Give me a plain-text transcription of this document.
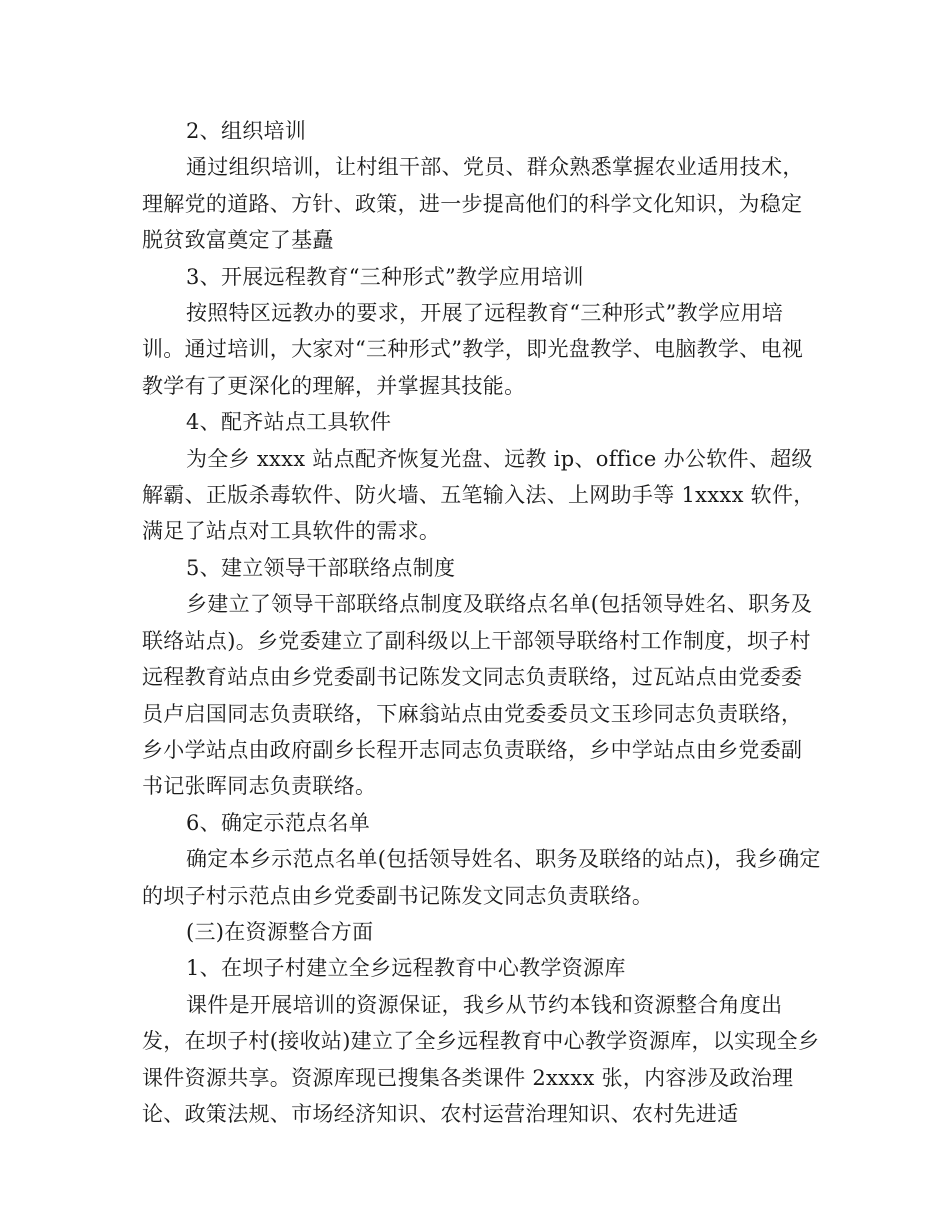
2、组织培训

通过组织培训，让村组干部、党员、群众熟悉掌握农业适用技术，理解党的道路、方针、政策，进一步提高他们的科学文化知识，为稳定脱贫致富奠定了基矗

3、开展远程教育“三种形式”教学应用培训

按照特区远教办的要求，开展了远程教育“三种形式”教学应用培训。通过培训，大家对“三种形式”教学，即光盘教学、电脑教学、电视教学有了更深化的理解，并掌握其技能。

4、配齐站点工具软件

为全乡 xxxx 站点配齐恢复光盘、远教 ip、office 办公软件、超级解霸、正版杀毒软件、防火墙、五笔输入法、上网助手等 1xxxx 软件，满足了站点对工具软件的需求。

5、建立领导干部联络点制度

乡建立了领导干部联络点制度及联络点名单(包括领导姓名、职务及联络站点)。乡党委建立了副科级以上干部领导联络村工作制度，坝子村远程教育站点由乡党委副书记陈发文同志负责联络，过瓦站点由党委委员卢启国同志负责联络，下麻翁站点由党委委员文玉珍同志负责联络，乡小学站点由政府副乡长程开志同志负责联络，乡中学站点由乡党委副书记张晖同志负责联络。

6、确定示范点名单

确定本乡示范点名单(包括领导姓名、职务及联络的站点)，我乡确定的坝子村示范点由乡党委副书记陈发文同志负责联络。

(三)在资源整合方面

1、在坝子村建立全乡远程教育中心教学资源库

课件是开展培训的资源保证，我乡从节约本钱和资源整合角度出发，在坝子村(接收站)建立了全乡远程教育中心教学资源库，以实现全乡课件资源共享。资源库现已搜集各类课件 2xxxx 张，内容涉及政治理论、政策法规、市场经济知识、农村运营治理知识、农村先进适
